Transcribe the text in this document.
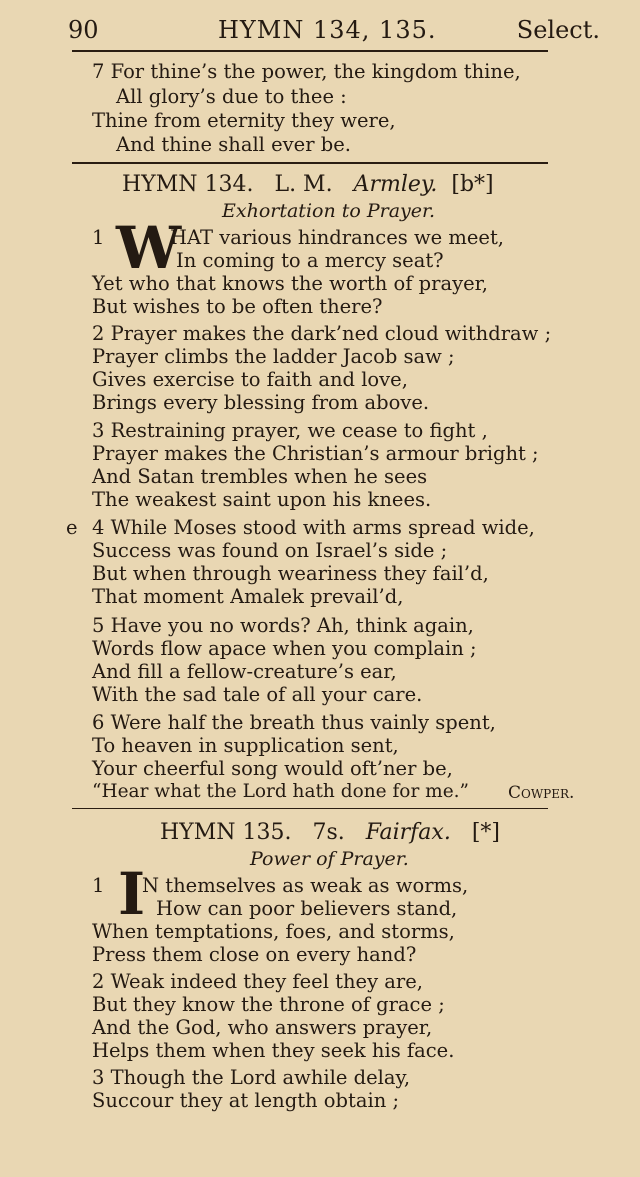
90	HYMN 134, 135.	Select.
7 For thine’s the power, the kingdom thine,
All glory’s due to thee :
Thine from eternity they were,
And thine shall ever be.
HYMN 134. L. M. Armley. [b*]
Exhortation to Prayer.
1 W
HAT various hindrances we meet,
In coming to a mercy seat?
Yet who that knows the worth of prayer,
But wishes to be often there?
2 Prayer makes the dark’ned cloud withdraw ;
Prayer climbs the ladder Jacob saw ;
Gives exercise to faith and love,
Brings every blessing from above.
3 Restraining prayer, we cease to fight ,
Prayer makes the Christian’s armour bright ;
And Satan trembles when he sees
The weakest saint upon his knees.
e 4 While Moses stood with arms spread wide,
Success was found on Israel’s side ;
But when through weariness they fail’d,
That moment Amalek prevail’d,
5 Have you no words? Ah, think again,
Words flow apace when you complain ;
And fill a fellow-creature’s ear,
With the sad tale of all your care.
6 Were half the breath thus vainly spent,
To heaven in supplication sent,
Your cheerful song would oft’ner be,
“Hear what the Lord hath done for me.” Cowper.
HYMN 135. 7s. Fairfax. [*]
Power of Prayer.
1 I
N themselves as weak as worms,
How can poor believers stand,
When temptations, foes, and storms,
Press them close on every hand?
2 Weak indeed they feel they are,
But they know the throne of grace ;
And the God, who answers prayer,
Helps them when they seek his face.
3 Though the Lord awhile delay,
Succour they at length obtain ;
